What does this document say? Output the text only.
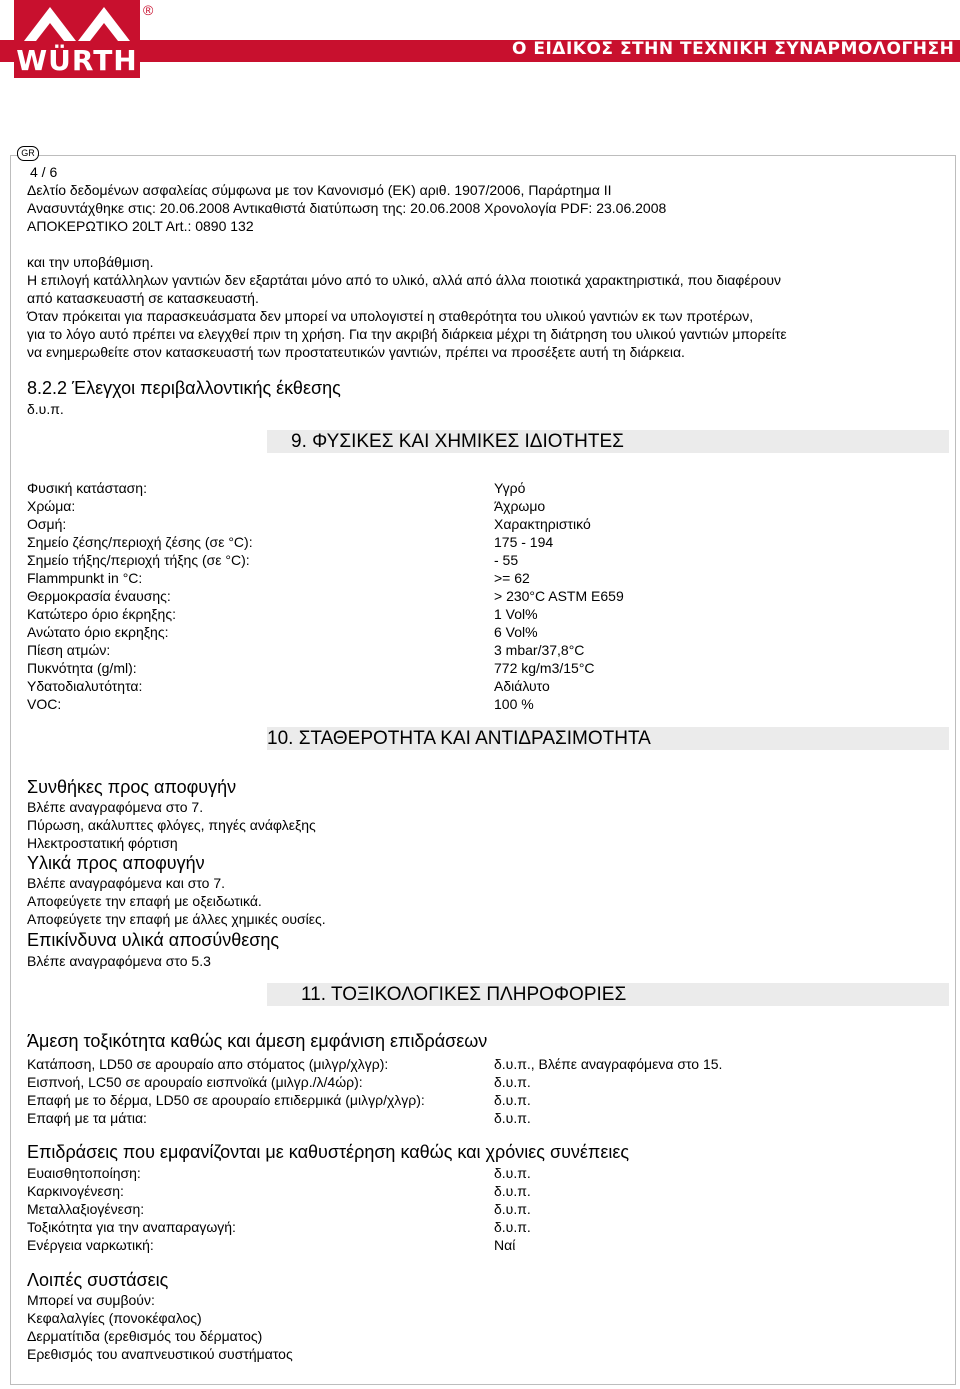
WÜRTH
®
Ο ΕΙΔΙΚΟΣ ΣΤΗΝ ΤΕΧΝΙΚΗ ΣΥΝΑΡΜΟΛΟΓΗΣΗ
GR
4 / 6
Δελτίο δεδομένων ασφαλείας σύμφωνα με τον Κανονισμό (ΕΚ) αριθ. 1907/2006, Παράρτημα II
Ανασυντάχθηκε στις: 20.06.2008 Αντικαθιστά διατύπωση της: 20.06.2008 Χρονολογία PDF: 23.06.2008
ΑΠΟΚΕΡΩΤΙΚΟ 20LT Art.: 0890 132
και την υποβάθμιση.
Η επιλογή κατάλληλων γαντιών δεν εξαρτάται μόνο από το υλικό, αλλά από άλλα ποιοτικά χαρακτηριστικά, που διαφέρουν
από κατασκευαστή σε κατασκευαστή.
Όταν πρόκειται για παρασκευάσματα δεν μπορεί να υπολογιστεί η σταθερότητα του υλικού γαντιών εκ των προτέρων,
για το λόγο αυτό πρέπει να ελεγχθεί πριν τη χρήση. Για την ακριβή διάρκεια μέχρι τη διάτρηση του υλικού γαντιών μπορείτε
να ενημερωθείτε στον κατασκευαστή των προστατευτικών γαντιών, πρέπει να προσέξετε αυτή τη διάρκεια.
8.2.2 Έλεγχοι περιβαλλοντικής έκθεσης
δ.υ.π.
9. ΦΥΣΙΚΕΣ ΚΑΙ ΧΗΜΙΚΕΣ ΙΔΙΟΤΗΤΕΣ
Φυσική κατάσταση:	Υγρό
Χρώμα:	Άχρωμο
Οσμή:	Χαρακτηριστικό
Σημείο ζέσης/περιοχή ζέσης (σε °C):	175 - 194
Σημείο τήξης/περιοχή τήξης (σε °C):	- 55
Flammpunkt in °C:	>= 62
Θερμοκρασία έναυσης:	> 230°C ASTM E659
Κατώτερο όριο έκρηξης:	1 Vol%
Ανώτατο όριο εκρηξης:	6 Vol%
Πίεση ατμών:	3 mbar/37,8°C
Πυκνότητα (g/ml):	772 kg/m3/15°C
Υδατοδιαλυτότητα:	Αδιάλυτο
VOC:	100 %
10. ΣΤΑΘΕΡΟΤΗΤΑ ΚΑΙ ΑΝΤΙΔΡΑΣΙΜΟΤΗΤΑ
Συνθήκες προς αποφυγήν
Βλέπε αναγραφόμενα στο 7.
Πύρωση, ακάλυπτες φλόγες, πηγές ανάφλεξης
Ηλεκτροστατική φόρτιση
Υλικά προς αποφυγήν
Βλέπε αναγραφόμενα και στο 7.
Αποφεύγετε την επαφή με οξειδωτικά.
Αποφεύγετε την επαφή με άλλες χημικές ουσίες.
Επικίνδυνα υλικά αποσύνθεσης
Βλέπε αναγραφόμενα στο 5.3
11. ΤΟΞΙΚΟΛΟΓΙΚΕΣ ΠΛΗΡΟΦΟΡΙΕΣ
Άμεση τοξικότητα καθώς και άμεση εμφάνιση επιδράσεων
Κατάποση, LD50 σε αρουραίο απο στόματος (μιλγρ/χλγρ):	δ.υ.π., Βλέπε αναγραφόμενα στο 15.
Εισπνοή, LC50 σε αρουραίο εισπνοϊκά (μιλγρ./λ/4ώρ):	δ.υ.π.
Επαφή με το δέρμα, LD50 σε αρουραίο επιδερμικά (μιλγρ/χλγρ):	δ.υ.π.
Επαφή με τα μάτια:	δ.υ.π.
Επιδράσεις που εμφανίζονται με καθυστέρηση καθώς και χρόνιες συνέπειες
Ευαισθητοποίηση:	δ.υ.π.
Καρκινογένεση:	δ.υ.π.
Μεταλλαξιογένεση:	δ.υ.π.
Τοξικότητα για την αναπαραγωγή:	δ.υ.π.
Ενέργεια ναρκωτική:	Ναί
Λοιπές συστάσεις
Μπορεί να συμβούν:
Κεφαλαλγίες (πονοκέφαλος)
Δερματίτιδα (ερεθισμός του δέρματος)
Ερεθισμός του αναπνευστικού συστήματος
